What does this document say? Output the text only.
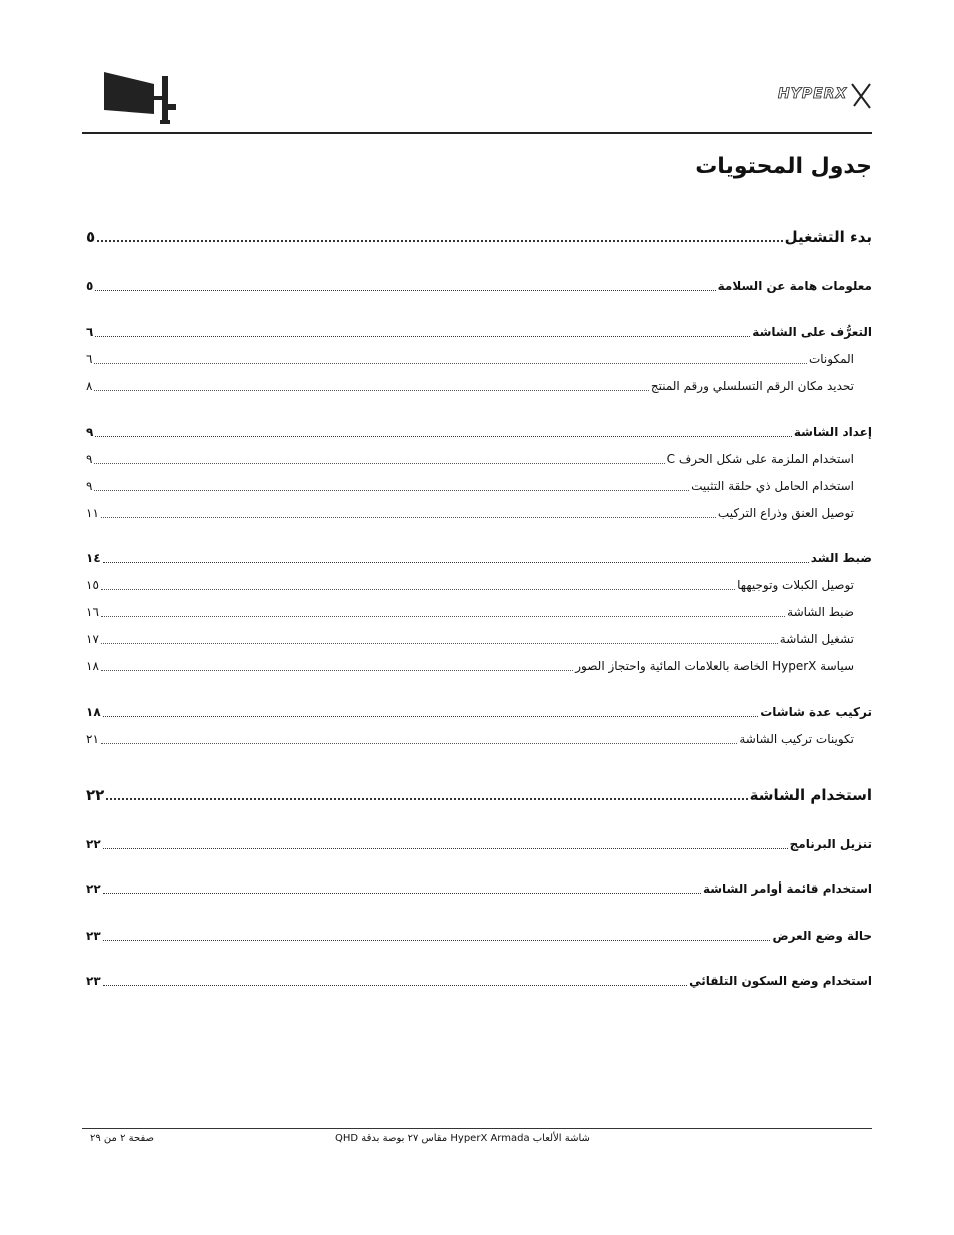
HYPERX
جدول المحتويات
بدء التشغيل
٥
معلومات هامة عن السلامة
٥
التعرُّف على الشاشة
٦
المكونات
٦
تحديد مكان الرقم التسلسلي ورقم المنتج
٨
إعداد الشاشة
٩
استخدام الملزمة على شكل الحرف C
٩
استخدام الحامل ذي حلقة التثبيت
٩
توصيل العنق وذراع التركيب
١١
ضبط الشد
١٤
توصيل الكبلات وتوجيهها
١٥
ضبط الشاشة
١٦
تشغيل الشاشة
١٧
سياسة HyperX الخاصة بالعلامات المائية واحتجاز الصور
١٨
تركيب عدة شاشات
١٨
تكوينات تركيب الشاشة
٢١
استخدام الشاشة
٢٢
تنزيل البرنامج
٢٢
استخدام قائمة أوامر الشاشة
٢٢
حالة وضع العرض
٢٣
استخدام وضع السكون التلقائي
٢٣
شاشة الألعاب HyperX Armada مقاس ٢٧ بوصة بدقة QHD
صفحة ٢ من ٢٩
